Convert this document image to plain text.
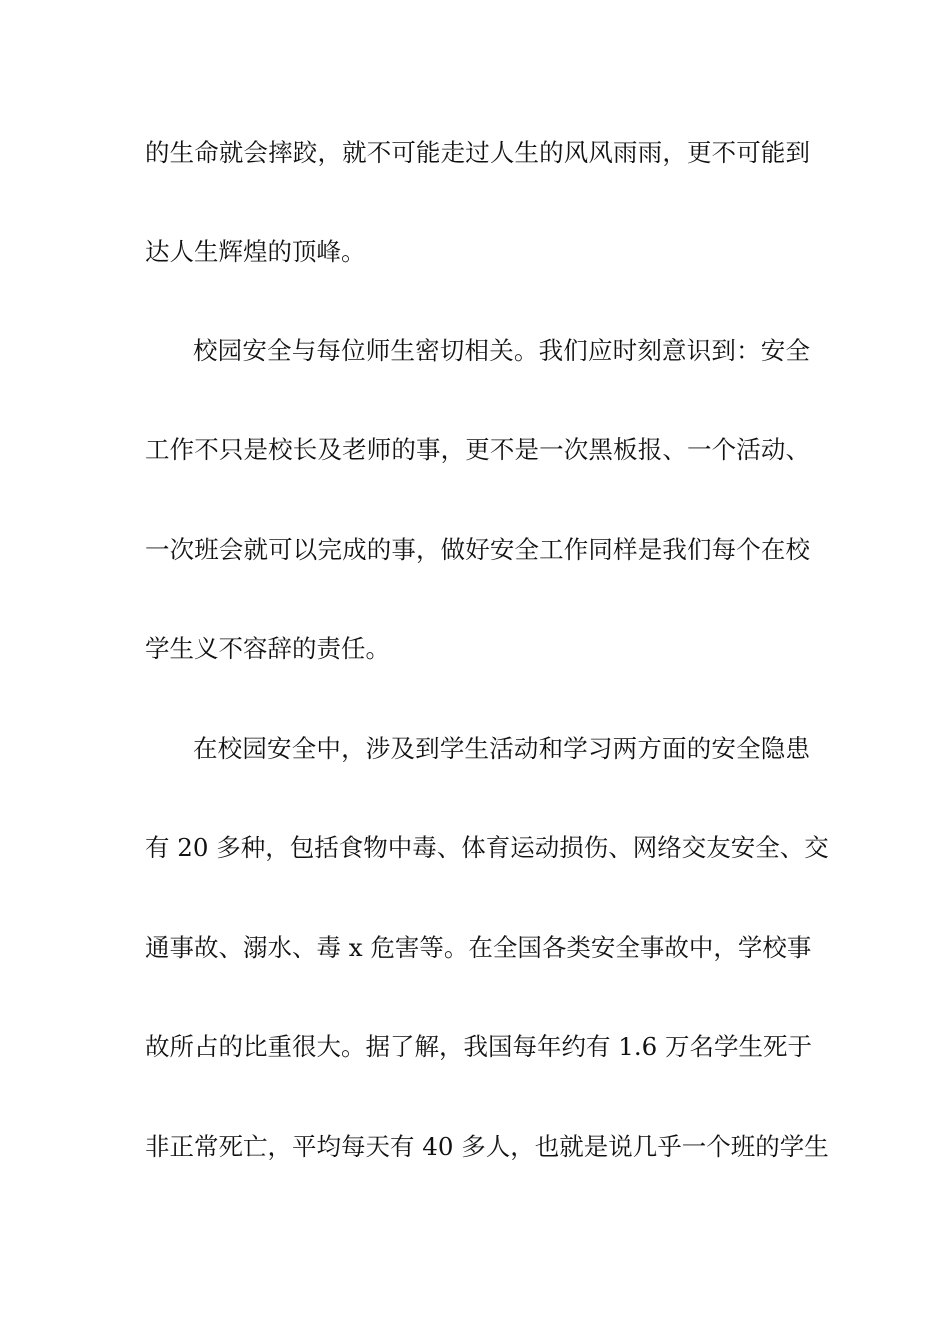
的生命就会摔跤，就不可能走过人生的风风雨雨，更不可能到
达人生辉煌的顶峰。
校园安全与每位师生密切相关。我们应时刻意识到：安全
工作不只是校长及老师的事，更不是一次黑板报、一个活动、
一次班会就可以完成的事，做好安全工作同样是我们每个在校
学生义不容辞的责任。
在校园安全中，涉及到学生活动和学习两方面的安全隐患
有 20 多种，包括食物中毒、体育运动损伤、网络交友安全、交
通事故、溺水、毒 x 危害等。在全国各类安全事故中，学校事
故所占的比重很大。据了解，我国每年约有 1.6 万名学生死于
非正常死亡，平均每天有 40 多人，也就是说几乎一个班的学生
